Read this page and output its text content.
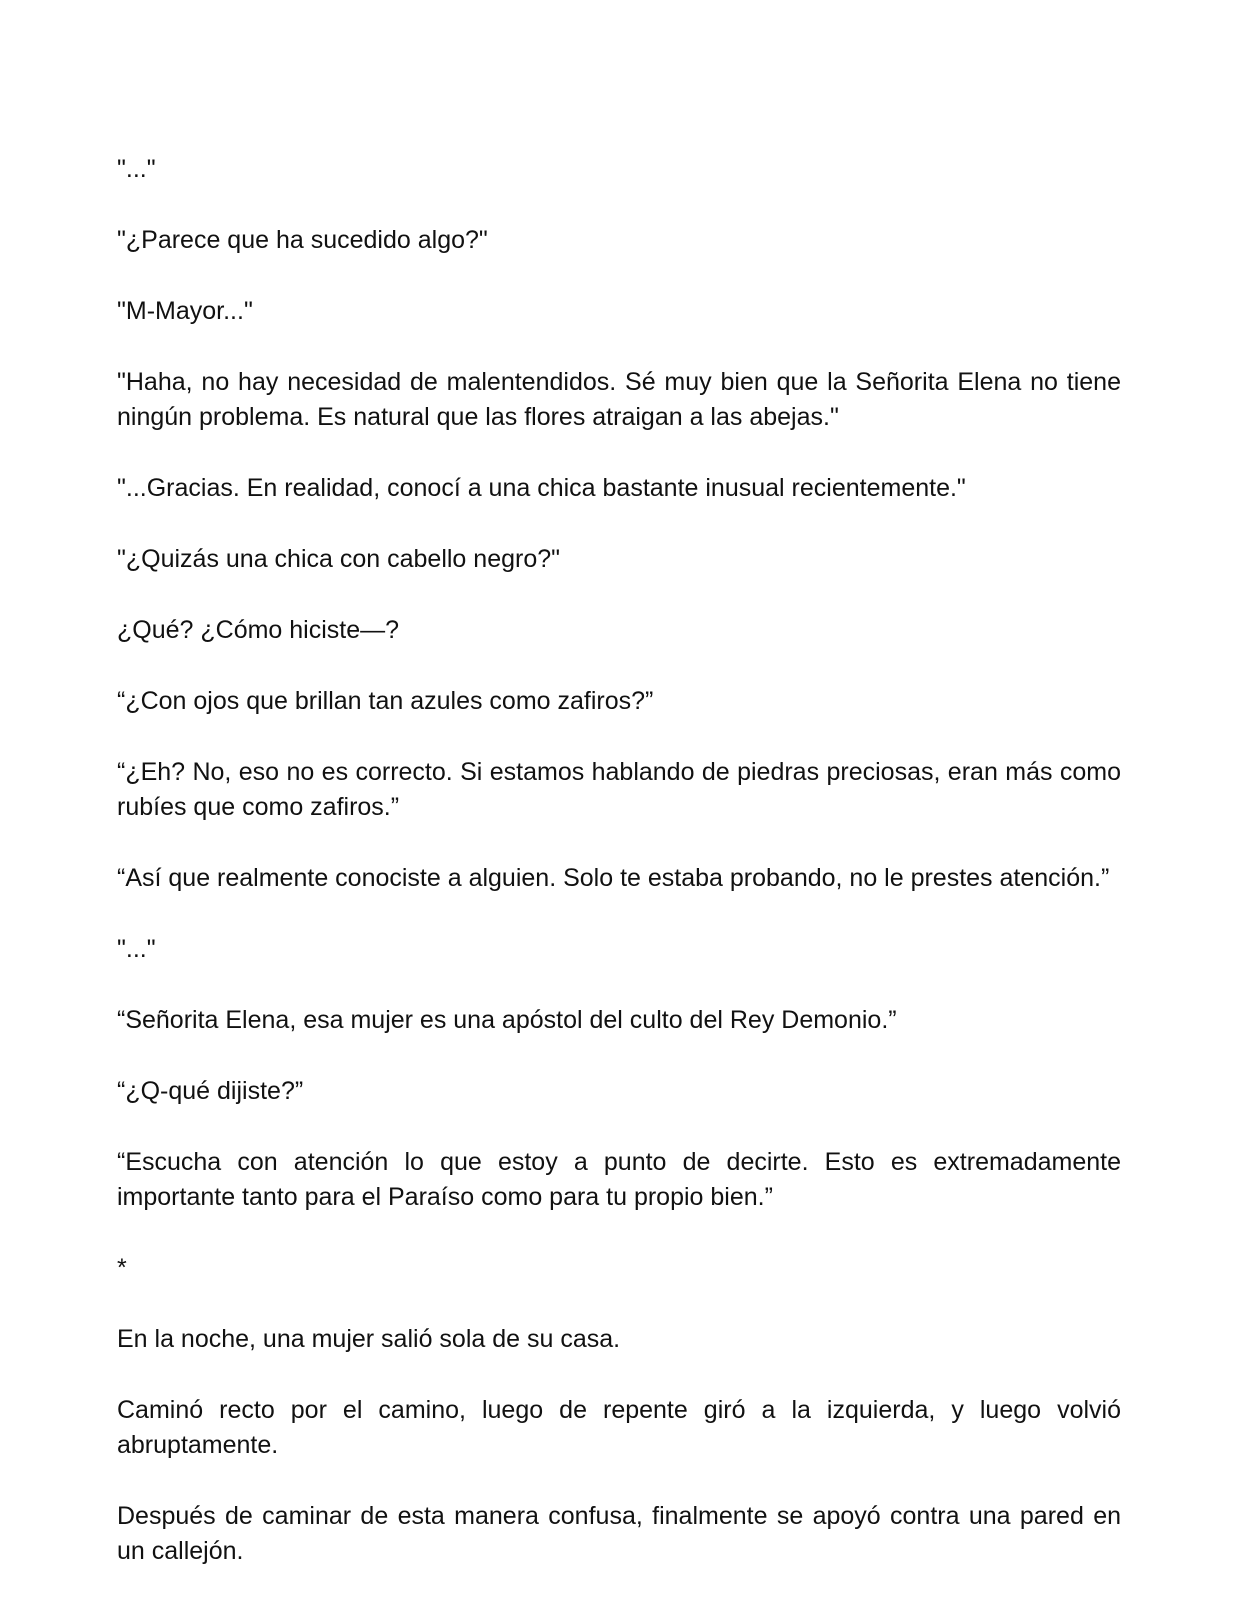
"..."

"¿Parece que ha sucedido algo?"

"M-Mayor..."

"Haha, no hay necesidad de malentendidos. Sé muy bien que la Señorita Elena no tiene ningún problema. Es natural que las flores atraigan a las abejas."

"...Gracias. En realidad, conocí a una chica bastante inusual recientemente."

"¿Quizás una chica con cabello negro?"

¿Qué? ¿Cómo hiciste—?

“¿Con ojos que brillan tan azules como zafiros?”

“¿Eh? No, eso no es correcto. Si estamos hablando de piedras preciosas, eran más como rubíes que como zafiros.”

“Así que realmente conociste a alguien. Solo te estaba probando, no le prestes atención.”

"..."

“Señorita Elena, esa mujer es una apóstol del culto del Rey Demonio.”

“¿Q-qué dijiste?”

“Escucha con atención lo que estoy a punto de decirte. Esto es extremadamente importante tanto para el Paraíso como para tu propio bien.”

*

En la noche, una mujer salió sola de su casa.

Caminó recto por el camino, luego de repente giró a la izquierda, y luego volvió abruptamente.

Después de caminar de esta manera confusa, finalmente se apoyó contra una pared en un callejón.
